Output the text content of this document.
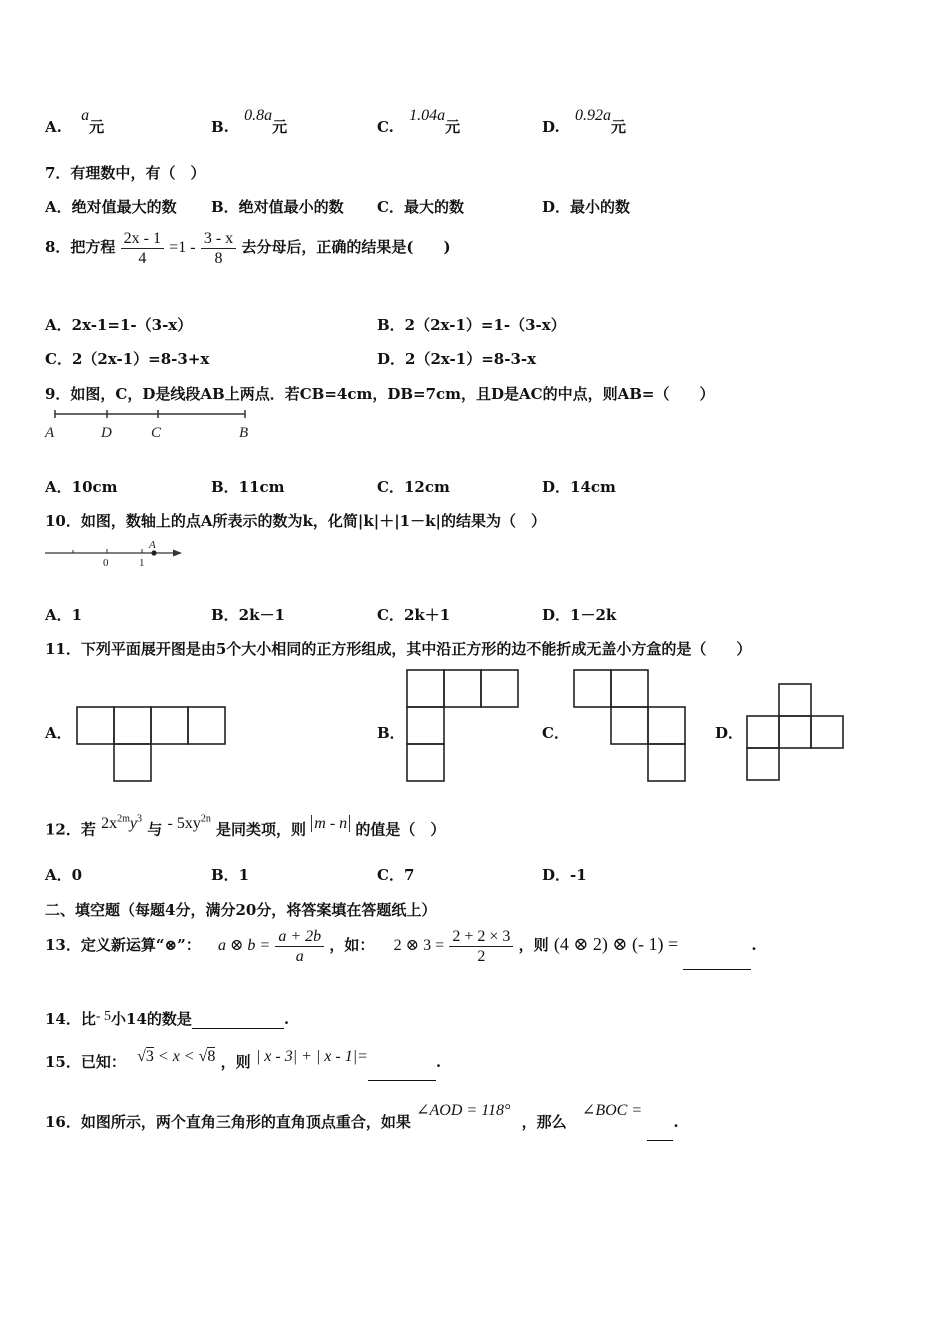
A. a元	B. 0.8a元	C. 1.04a元	D. 0.92a元
7．有理数中，有（　）
A．绝对值最大的数 B．绝对值最小的数 C．最大的数	D．最小的数
8．把方程 $\frac{2x - 1}{4} =1 - \frac{3 - x}{8}$ 去分母后，正确的结果是(　　)
A．2x-1=1-（3-x）	B．2（2x-1）=1-（3-x）
C．2（2x-1）=8-3+x	D．2（2x-1）=8-3-x
9．如图，C，D是线段AB上两点．若CB=4cm，DB=7cm，且D是AC的中点，则AB=（　　）
A	D	C	B
A．10cm	B．11cm	C．12cm	D．14cm
10．如图，数轴上的点A所表示的数为k，化简|k|＋|1－k|的结果为（　）
0	1
A
A．1	B．2k－1	C．2k＋1	D．1－2k
11．下列平面展开图是由5个大小相同的正方形组成，其中沿正方形的边不能折成无盖小方盒的是（　　）
A．	B．	C．	D．
12．若 $2x^{2m}y^3$ 与 - $5xy^{2n}$ 是同类项，则 m - n 的值是（　）
A．0	B．1	C．7	D．-1
二、填空题（每题4分，满分20分，将答案填在答题纸上）
13．定义新运算“⊗”： a ⊗ $b = \frac{a + 2b}{a}$ ，如： 2 ⊗ $3 = \frac{2 + 2 \times 3}{2}$ ，则 (4 ⊗ 2) ⊗ (- 1) =	.
14．比- 5小14的数是	.
15．已知： √3 < x < √8 ，则 | x - 3| + | x - 1|=	.
16．如图所示，两个直角三角形的直角顶点重合，如果 ∠AOD = 118° ，那么 ∠BOC = .
